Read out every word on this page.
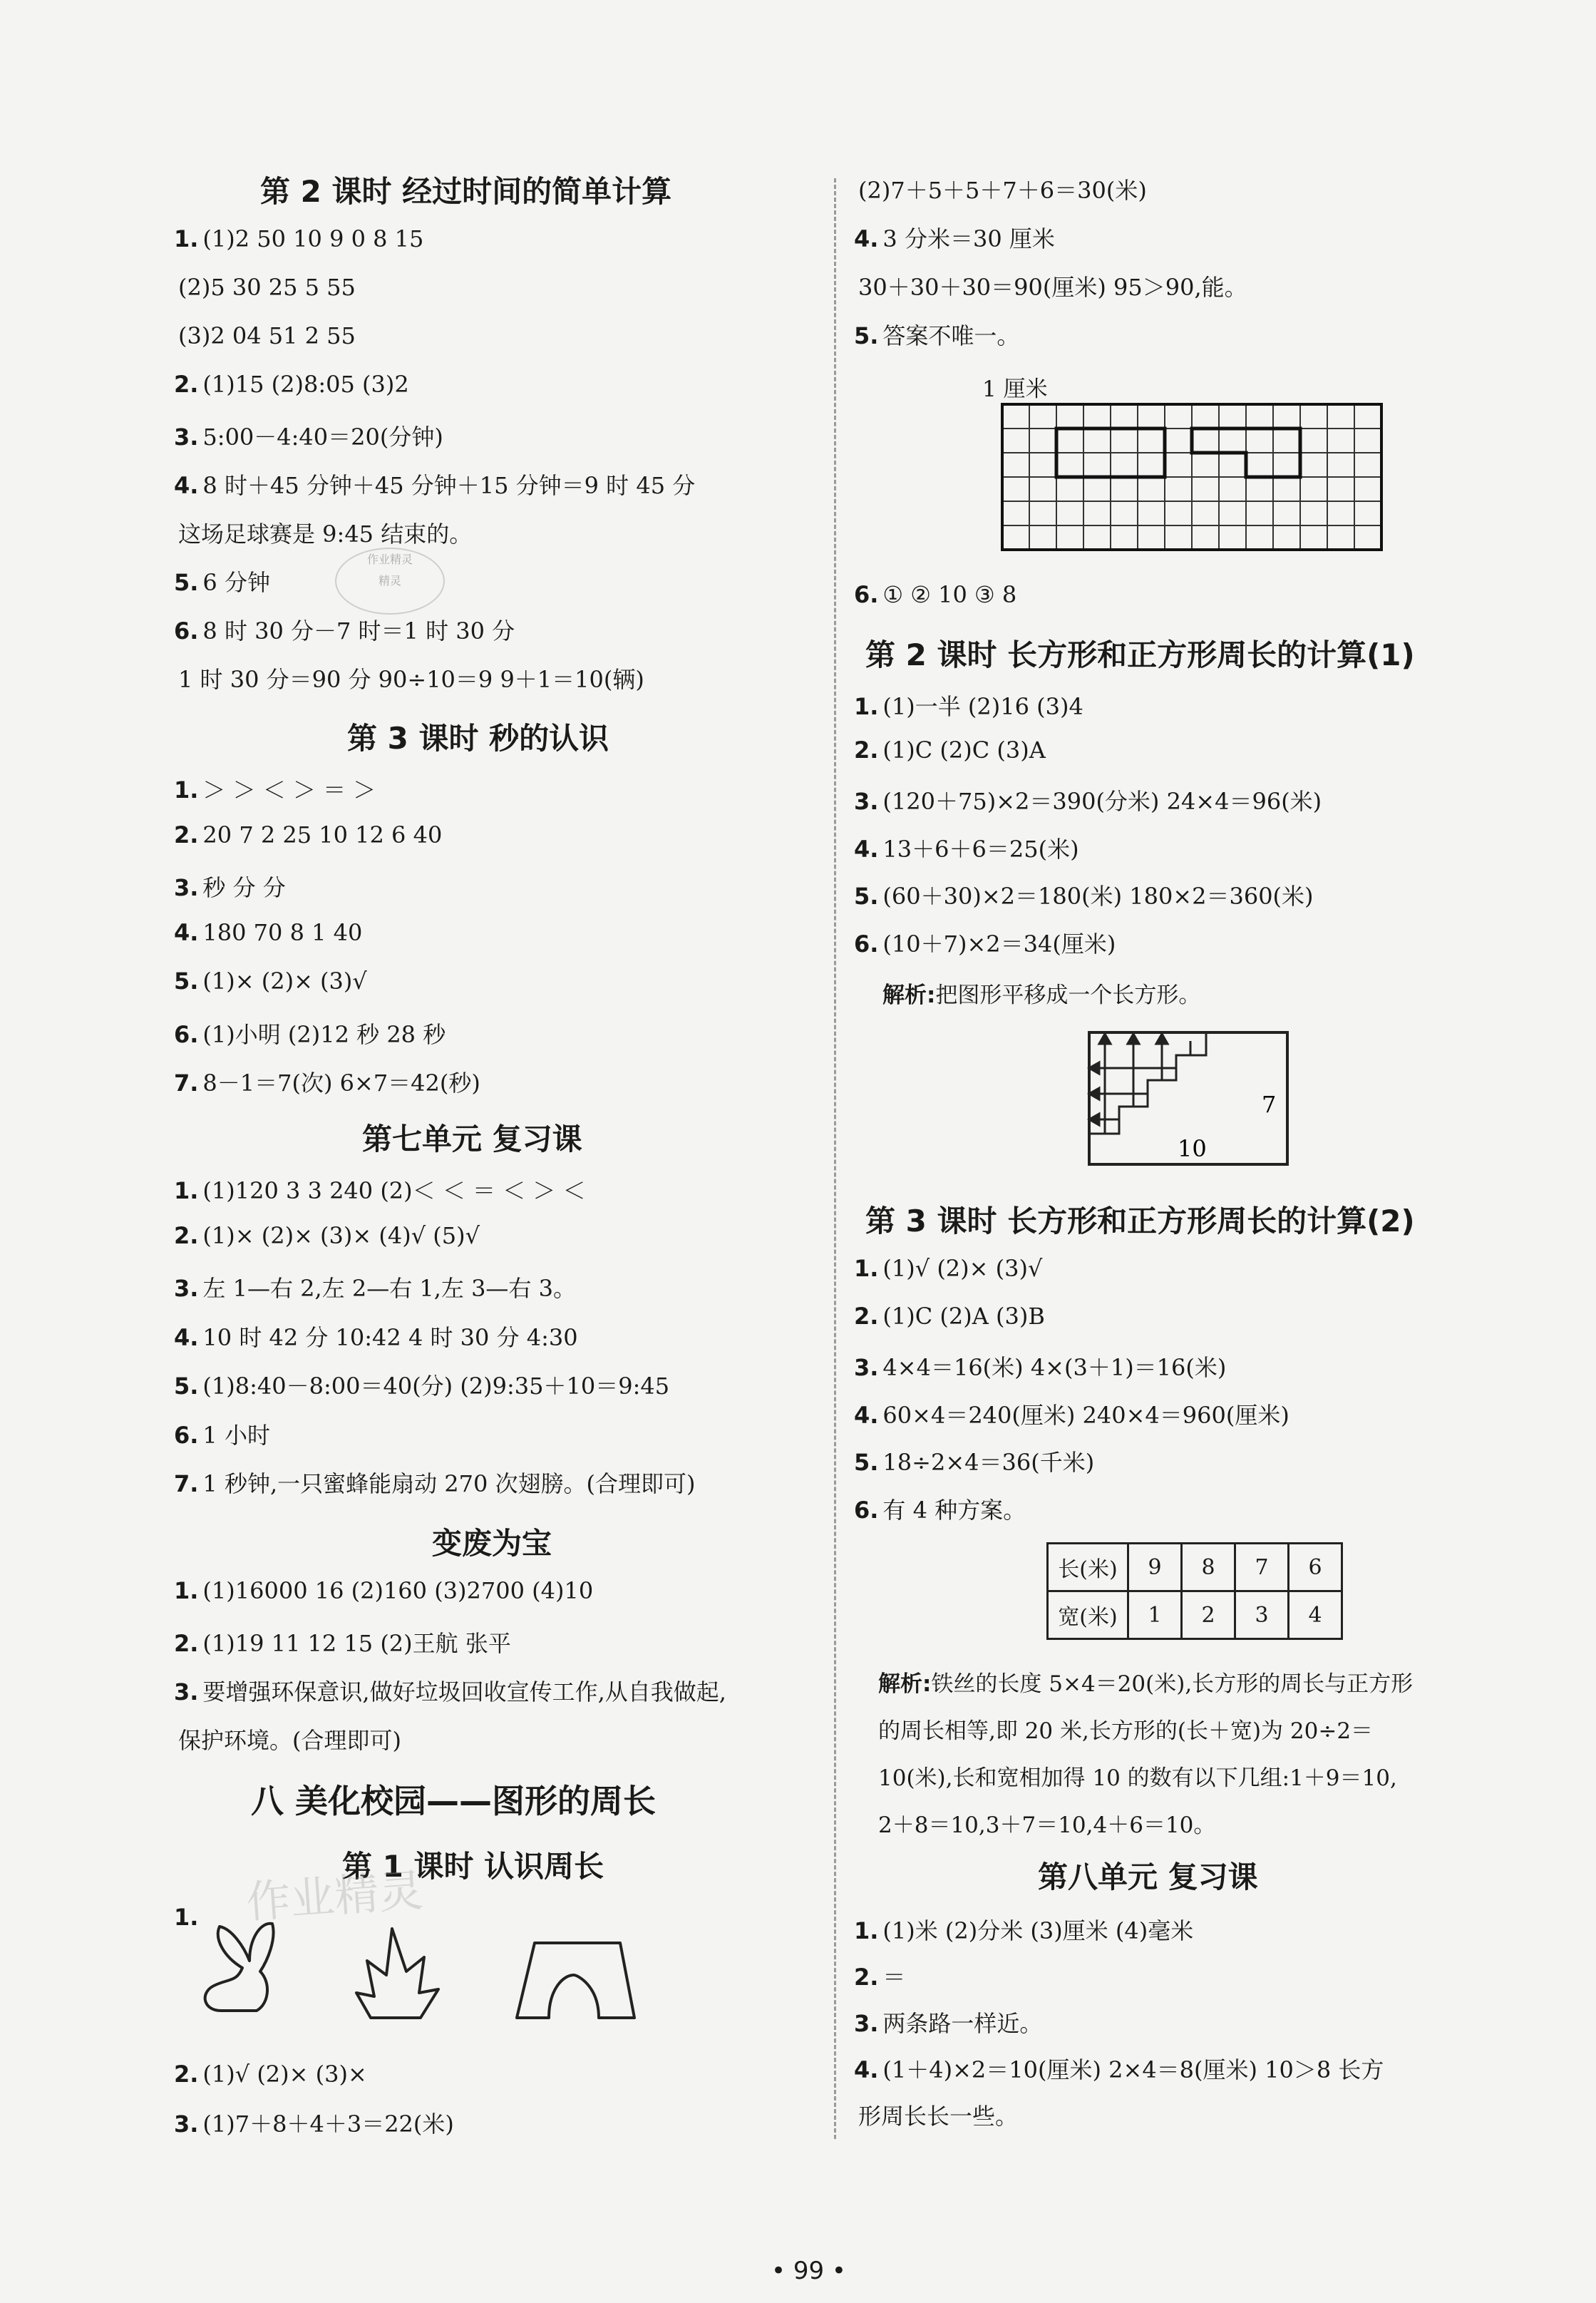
第 2 课时 经过时间的简单计算
1. (1)2 50 10 9 0 8 15
(2)5 30 25 5 55
(3)2 04 51 2 55
2. (1)15 (2)8:05 (3)2
3. 5:00－4:40＝20(分钟)
4. 8 时＋45 分钟＋45 分钟＋15 分钟＝9 时 45 分
这场足球赛是 9:45 结束的。
5. 6 分钟
6. 8 时 30 分－7 时＝1 时 30 分
1 时 30 分＝90 分 90÷10＝9 9＋1＝10(辆)
作业精灵
精灵
第 3 课时 秒的认识
1. ＞ ＞ ＜ ＞ ＝ ＞
2. 20 7 2 25 10 12 6 40
3. 秒 分 分
4. 180 70 8 1 40
5. (1)× (2)× (3)√
6. (1)小明 (2)12 秒 28 秒
7. 8－1＝7(次) 6×7＝42(秒)
第七单元 复习课
1. (1)120 3 3 240 (2)＜ ＜ ＝ ＜ ＞ ＜
2. (1)× (2)× (3)× (4)√ (5)√
3. 左 1—右 2,左 2—右 1,左 3—右 3。
4. 10 时 42 分 10:42 4 时 30 分 4:30
5. (1)8:40－8:00＝40(分) (2)9:35＋10＝9:45
6. 1 小时
7. 1 秒钟,一只蜜蜂能扇动 270 次翅膀。(合理即可)
变废为宝
1. (1)16000 16 (2)160 (3)2700 (4)10
2. (1)19 11 12 15 (2)王航 张平
3. 要增强环保意识,做好垃圾回收宣传工作,从自我做起,
保护环境。(合理即可)
八 美化校园——图形的周长
第 1 课时 认识周长
1. 作业精灵
2. (1)√ (2)× (3)×
3. (1)7＋8＋4＋3＝22(米)
(2)7＋5＋5＋7＋6＝30(米)
4. 3 分米＝30 厘米
30＋30＋30＝90(厘米) 95＞90,能。
5. 答案不唯一。
1 厘米
6. ① ② 10 ③ 8
第 2 课时 长方形和正方形周长的计算(1)
1. (1)一半 (2)16 (3)4
2. (1)C (2)C (3)A
3. (120＋75)×2＝390(分米) 24×4＝96(米)
4. 13＋6＋6＝25(米)
5. (60＋30)×2＝180(米) 180×2＝360(米)
6. (10＋7)×2＝34(厘米)
解析:把图形平移成一个长方形。
7
10
第 3 课时 长方形和正方形周长的计算(2)
1. (1)√ (2)× (3)√
2. (1)C (2)A (3)B
3. 4×4＝16(米) 4×(3＋1)＝16(米)
4. 60×4＝240(厘米) 240×4＝960(厘米)
5. 18÷2×4＝36(千米)
6. 有 4 种方案。
长(米)	9	8	7	6
宽(米)	1	2	3	4
解析:铁丝的长度 5×4＝20(米),长方形的周长与正方形
的周长相等,即 20 米,长方形的(长＋宽)为 20÷2＝
10(米),长和宽相加得 10 的数有以下几组:1＋9＝10,
2＋8＝10,3＋7＝10,4＋6＝10。
第八单元 复习课
1. (1)米 (2)分米 (3)厘米 (4)毫米
2. ＝
3. 两条路一样近。
4. (1＋4)×2＝10(厘米) 2×4＝8(厘米) 10＞8 长方
形周长长一些。
• 99 •
